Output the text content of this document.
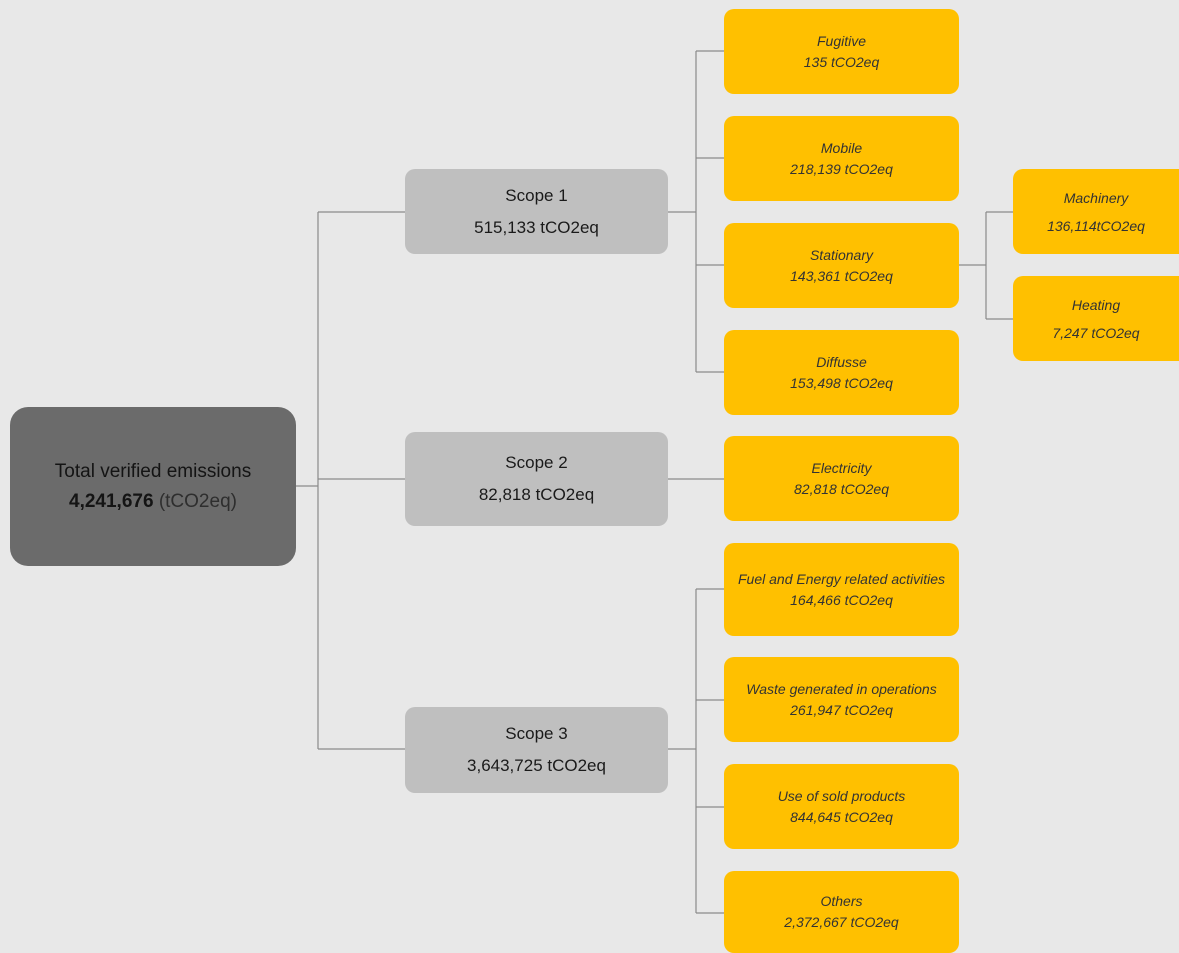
Total verified emissions
4,241,676 (tCO2eq)
Scope 1
515,133 tCO2eq
Scope 2
82,818 tCO2eq
Scope 3
3,643,725 tCO2eq
Fugitive
135 tCO2eq
Mobile
218,139 tCO2eq
Stationary
143,361 tCO2eq
Diffusse
153,498 tCO2eq
Electricity
82,818 tCO2eq
Fuel and Energy related activities
164,466 tCO2eq
Waste generated in operations
261,947 tCO2eq
Use of sold products
844,645 tCO2eq
Others
2,372,667 tCO2eq
Machinery
136,114tCO2eq
Heating
7,247 tCO2eq
